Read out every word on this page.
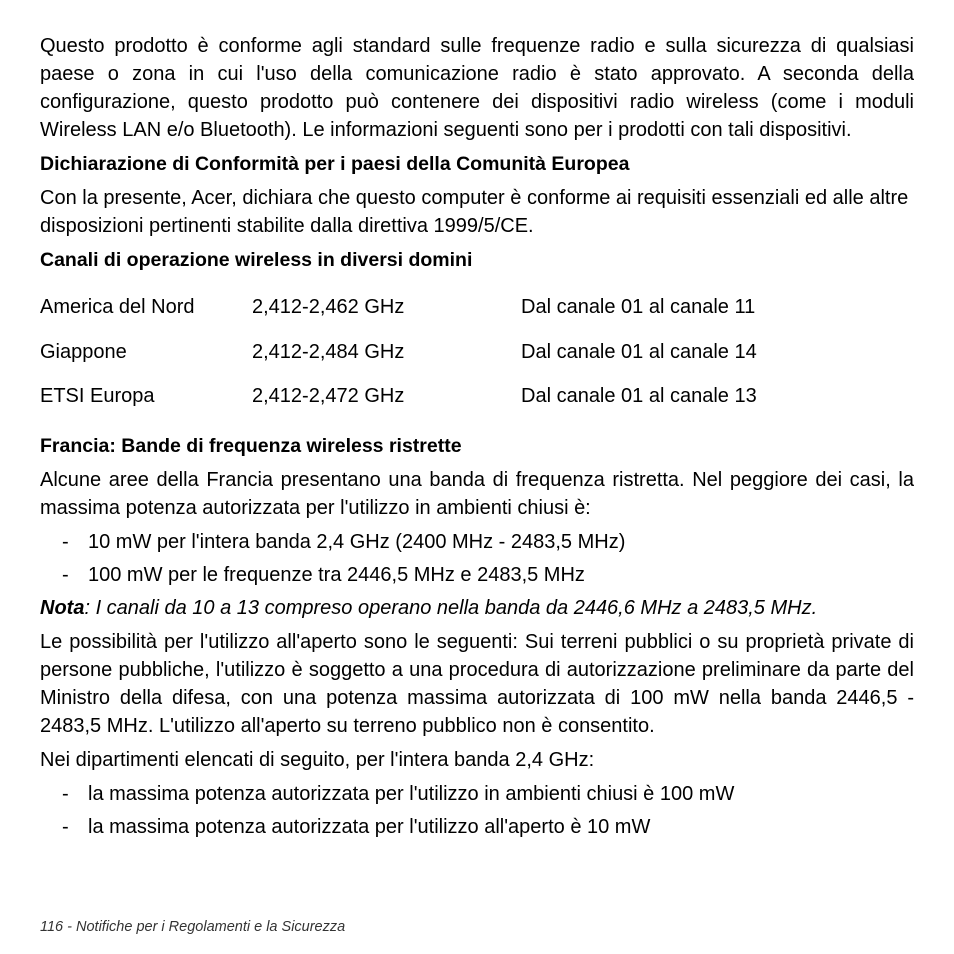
Questo prodotto è conforme agli standard sulle frequenze radio e sulla sicurezza di qualsiasi paese o zona in cui l'uso della comunicazione radio è stato approvato. A seconda della configurazione, questo prodotto può contenere dei dispositivi radio wireless (come i moduli Wireless LAN e/o Bluetooth). Le informazioni seguenti sono per i prodotti con tali dispositivi.

Dichiarazione di Conformità per i paesi della Comunità Europea

Con la presente, Acer, dichiara che questo computer è conforme ai requisiti essenziali ed alle altre disposizioni pertinenti stabilite dalla direttiva 1999/5/CE.

Canali di operazione wireless in diversi domini

America del Nord	2,412-2,462 GHz	Dal canale 01 al canale 11
Giappone	2,412-2,484 GHz	Dal canale 01 al canale 14
ETSI Europa	2,412-2,472 GHz	Dal canale 01 al canale 13

Francia: Bande di frequenza wireless ristrette

Alcune aree della Francia presentano una banda di frequenza ristretta. Nel peggiore dei casi, la massima potenza autorizzata per l'utilizzo in ambienti chiusi è:

- 10 mW per l'intera banda 2,4 GHz (2400 MHz - 2483,5 MHz)
- 100 mW per le frequenze tra 2446,5 MHz e 2483,5 MHz

Nota: I canali da 10 a 13 compreso operano nella banda da 2446,6 MHz a 2483,5 MHz.

Le possibilità per l'utilizzo all'aperto sono le seguenti: Sui terreni pubblici o su proprietà private di persone pubbliche, l'utilizzo è soggetto a una procedura di autorizzazione preliminare da parte del Ministro della difesa, con una potenza massima autorizzata di 100 mW nella banda 2446,5 - 2483,5 MHz. L'utilizzo all'aperto su terreno pubblico non è consentito.

Nei dipartimenti elencati di seguito, per l'intera banda 2,4 GHz:

- la massima potenza autorizzata per l'utilizzo in ambienti chiusi è 100 mW
- la massima potenza autorizzata per l'utilizzo all'aperto è 10 mW
116 - Notifiche per i Regolamenti e la Sicurezza
